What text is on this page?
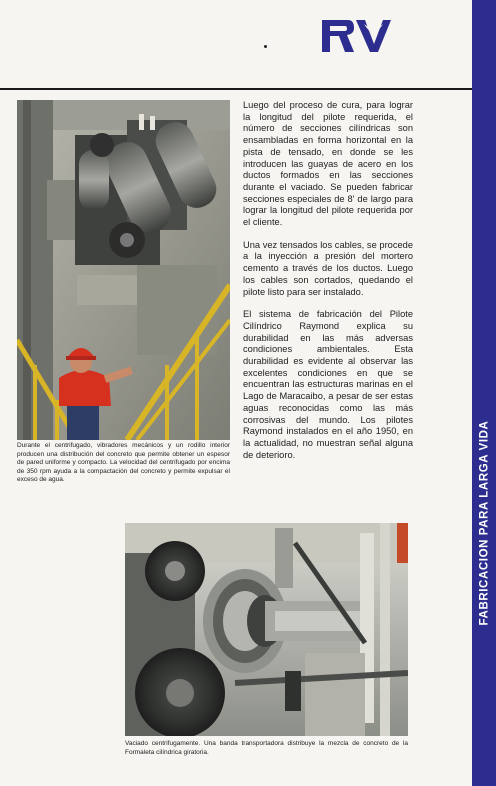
FABRICACION PARA LARGA VIDA
Durante el centrifugado, vibradores mecánicos y un rodillo interior producen una distribución del concreto que permite obtener un espesor de pared uniforme y compacto. La velocidad del centrifugado por encima de 350 rpm ayuda a la compactación del concreto y permite expulsar el exceso de agua.

Luego del proceso de cura, para lograr la longitud del pilote requerida, el número de secciones cilíndricas son ensambladas en forma horizontal en la pista de tensado, en donde se les introducen las guayas de acero en los ductos formados en las secciones durante el vaciado. Se pueden fabricar secciones especiales de 8' de largo para lograr la longitud del pilote requerida por el cliente.

Una vez tensados los cables, se procede a la inyección a presión del mortero cemento a través de los ductos. Luego los cables son cortados, quedando el pilote listo para ser instalado.

El sistema de fabricación del Pilote Cilíndrico Raymond explica su durabilidad en las más adversas condiciones ambientales. Esta durabilidad es evidente al observar las excelentes condiciones en que se encuentran las estructuras marinas en el Lago de Maracaibo, a pesar de ser estas aguas reconocidas como las más corrosivas del mundo. Los pilotes Raymond instalados en el año 1950, en la actualidad, no muestran señal alguna de deterioro.

Vaciado centrifugamente. Una banda transportadora distribuye la mezcla de concreto de la Formaleta cilíndrica giratoria.
